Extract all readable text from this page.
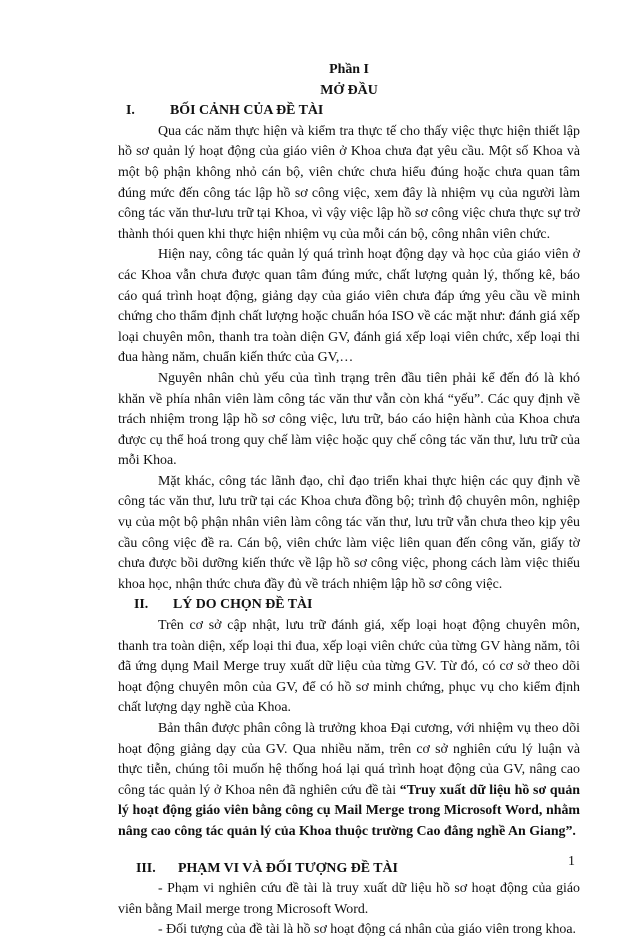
Phần I
MỞ ĐẦU
I.	BỐI CẢNH CỦA ĐỀ TÀI

Qua các năm thực hiện và kiểm tra thực tế cho thấy việc thực hiện thiết lập hồ sơ quản lý hoạt động của giáo viên ở Khoa chưa đạt yêu cầu. Một số Khoa và một bộ phận không nhỏ cán bộ, viên chức chưa hiểu đúng hoặc chưa quan tâm đúng mức đến công tác lập hồ sơ công việc, xem đây là nhiệm vụ của người làm công tác văn thư-lưu trữ tại Khoa, vì vậy việc lập hồ sơ công việc chưa thực sự trở thành thói quen khi thực hiện nhiệm vụ của mỗi cán bộ, công nhân viên chức.

Hiện nay, công tác quản lý quá trình hoạt động dạy và học của giáo viên ở các Khoa vẫn chưa được quan tâm đúng mức, chất lượng quản lý, thống kê, báo cáo quá trình hoạt động, giảng dạy của giáo viên chưa đáp ứng yêu cầu về minh chứng cho thẩm định chất lượng hoặc chuẩn hóa ISO về các mặt như: đánh giá xếp loại chuyên môn, thanh tra toàn diện GV, đánh giá xếp loại viên chức, xếp loại thi đua hàng năm, chuẩn kiến thức của GV,…

Nguyên nhân chủ yếu của tình trạng trên đầu tiên phải kể đến đó là khó khăn về phía nhân viên làm công tác văn thư vẫn còn khá “yếu”. Các quy định về trách nhiệm trong lập hồ sơ công việc, lưu trữ, báo cáo hiện hành của Khoa chưa được cụ thể hoá trong quy chế làm việc hoặc quy chế công tác văn thư, lưu trữ của mỗi Khoa.

Mặt khác, công tác lãnh đạo, chỉ đạo triển khai thực hiện các quy định về công tác văn thư, lưu trữ tại các Khoa chưa đồng bộ; trình độ chuyên môn, nghiệp vụ của một bộ phận nhân viên làm công tác văn thư, lưu trữ vẫn chưa theo kịp yêu cầu công việc đề ra. Cán bộ, viên chức làm việc liên quan đến công văn, giấy tờ chưa được bồi dưỡng kiến thức về lập hồ sơ công việc, phong cách làm việc thiếu khoa học, nhận thức chưa đầy đủ về trách nhiệm lập hồ sơ công việc.

II. LÝ DO CHỌN ĐỀ TÀI

Trên cơ sở cập nhật, lưu trữ đánh giá, xếp loại hoạt động chuyên môn, thanh tra toàn diện, xếp loại thi đua, xếp loại viên chức của từng GV hàng năm, tôi đã ứng dụng Mail Merge truy xuất dữ liệu của từng GV. Từ đó, có cơ sở theo dõi hoạt động chuyên môn của GV, để có hồ sơ minh chứng, phục vụ cho kiểm định chất lượng dạy nghề của Khoa.

Bản thân được phân công là trưởng khoa Đại cương, với nhiệm vụ theo dõi hoạt động giảng dạy của GV. Qua nhiều năm, trên cơ sở nghiên cứu lý luận và thực tiễn, chúng tôi muốn hệ thống hoá lại quá trình hoạt động của GV, nâng cao công tác quản lý ở Khoa nên đã nghiên cứu đề tài “Truy xuất dữ liệu hồ sơ quản lý hoạt động giáo viên bằng công cụ Mail Merge trong Microsoft Word, nhằm nâng cao công tác quản lý của Khoa thuộc trường Cao đẳng nghề An Giang”.

III. PHẠM VI VÀ ĐỐI TƯỢNG ĐỀ TÀI

- Phạm vi nghiên cứu đề tài là truy xuất dữ liệu hồ sơ hoạt động của giáo viên bằng Mail merge trong Microsoft Word.

- Đối tượng của đề tài là hồ sơ hoạt động cá nhân của giáo viên trong khoa.

1
